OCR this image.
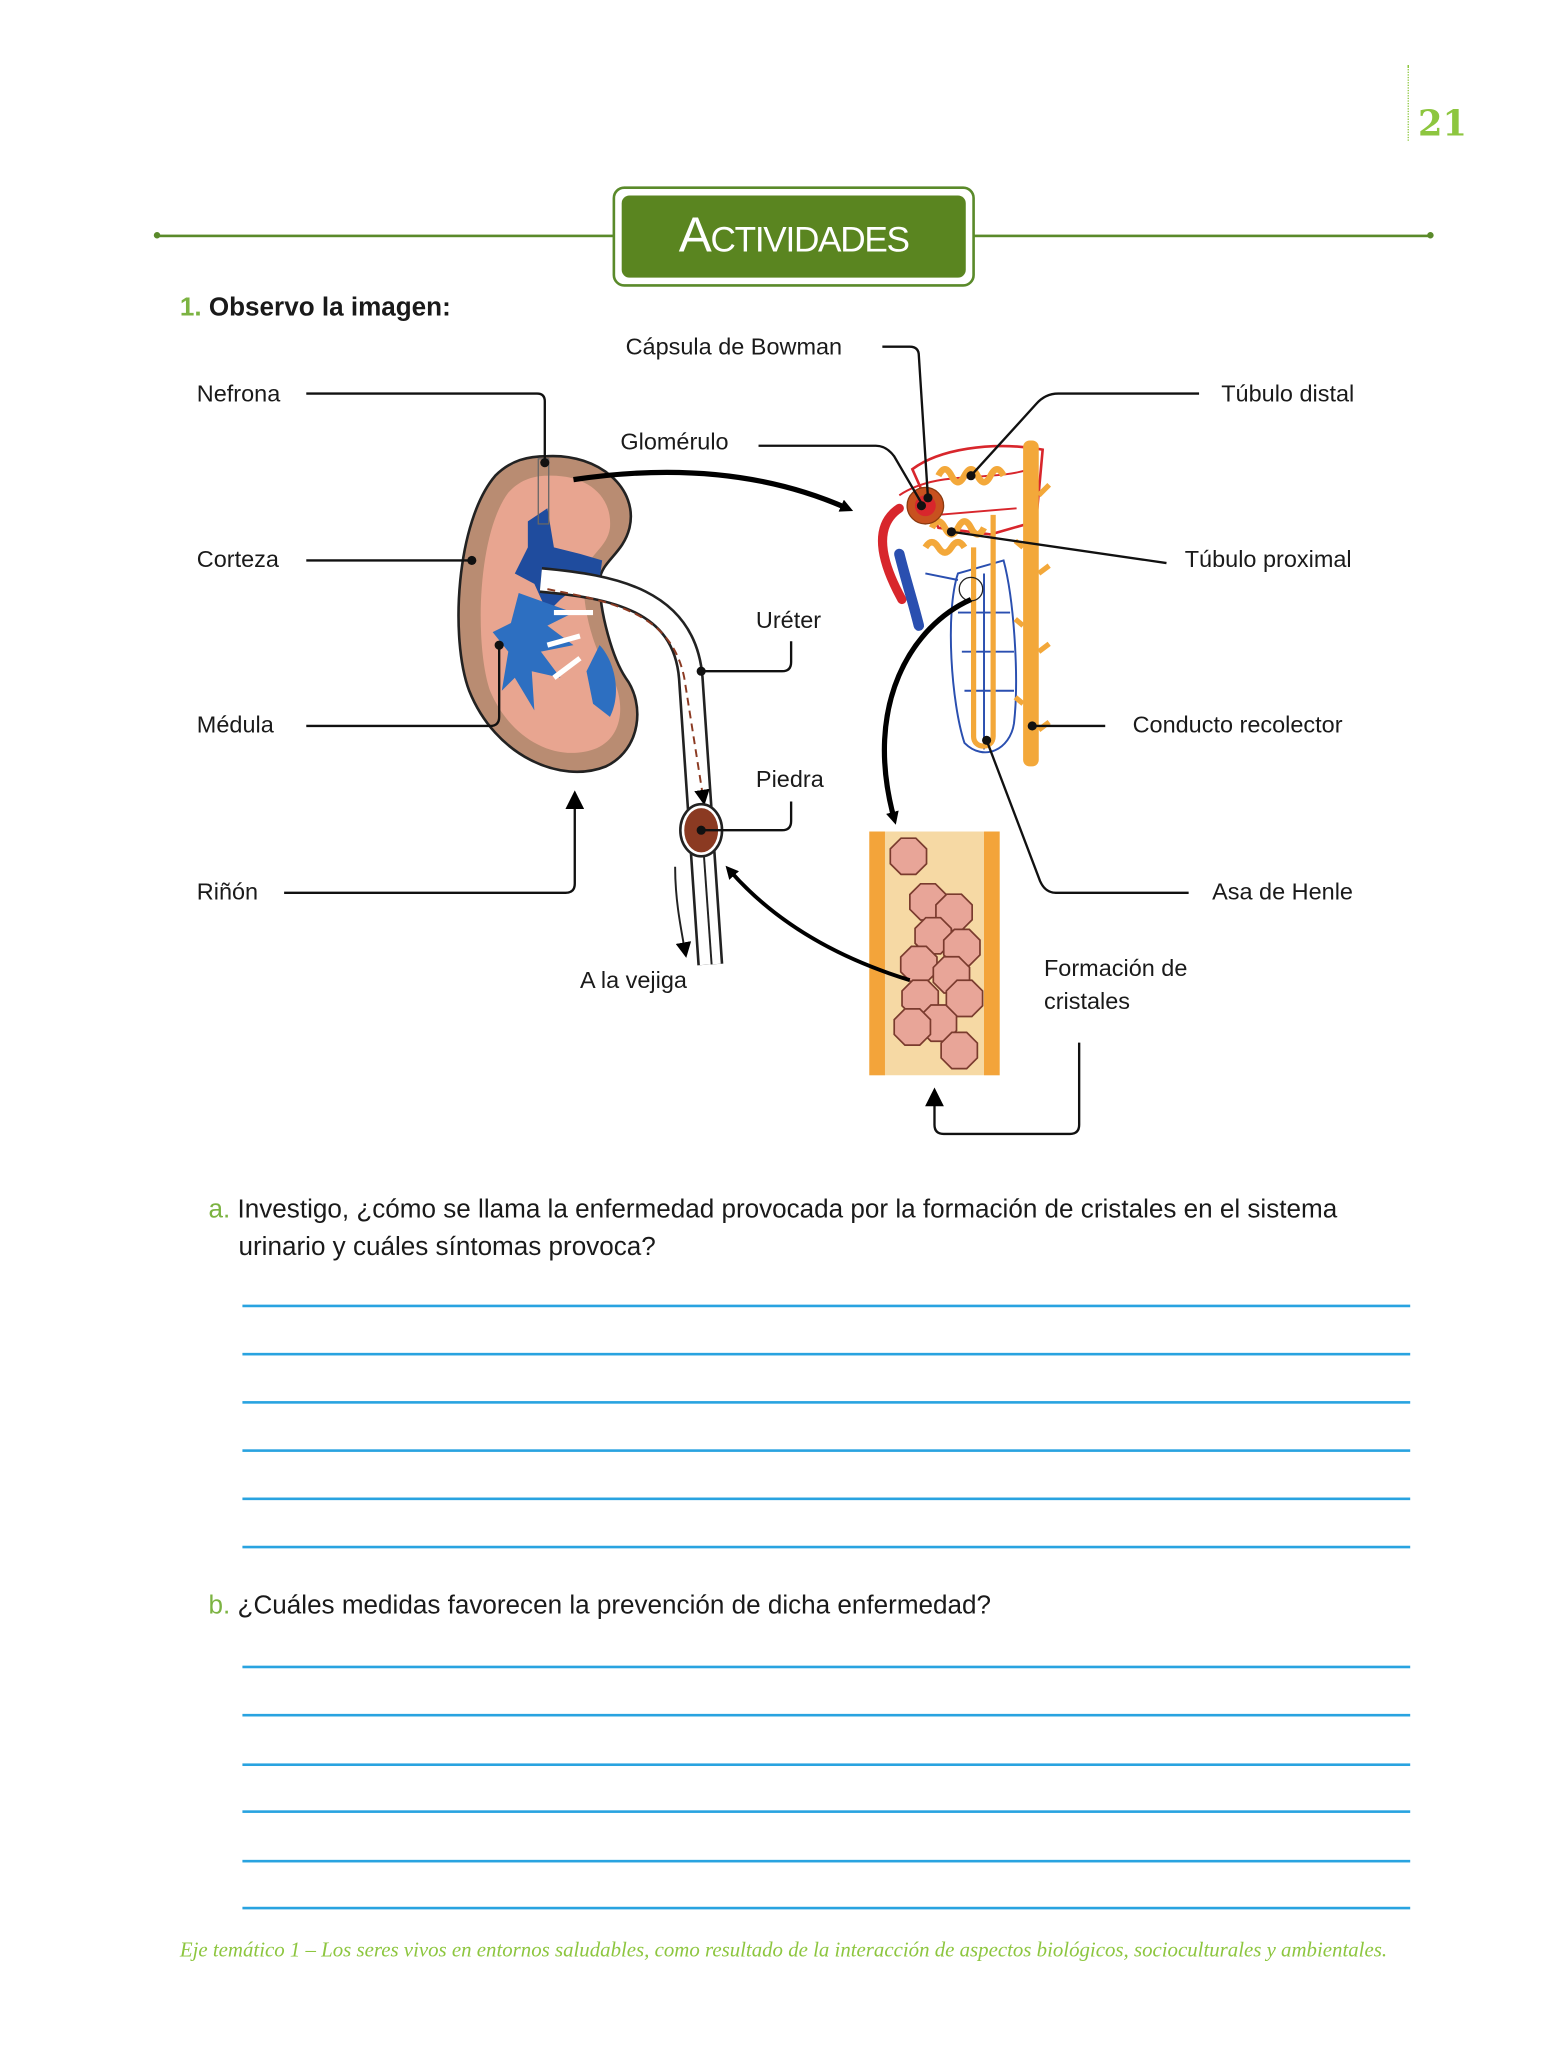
21
Actividades
1. Observo la imagen:
Cápsula de Bowman
Nefrona	Túbulo distal
Glomérulo
Corteza	Túbulo proximal
Uréter
Médula	Conducto recolector
Piedra
Riñón	Asa de Henle
A la vejiga	Formación de
cristales
a. Investigo, ¿cómo se llama la enfermedad provocada por la formación de cristales en el sistema
urinario y cuáles síntomas provoca?
b. ¿Cuáles medidas favorecen la prevención de dicha enfermedad?
Eje temático 1 – Los seres vivos en entornos saludables, como resultado de la interacción de aspectos biológicos, socioculturales y ambientales.
